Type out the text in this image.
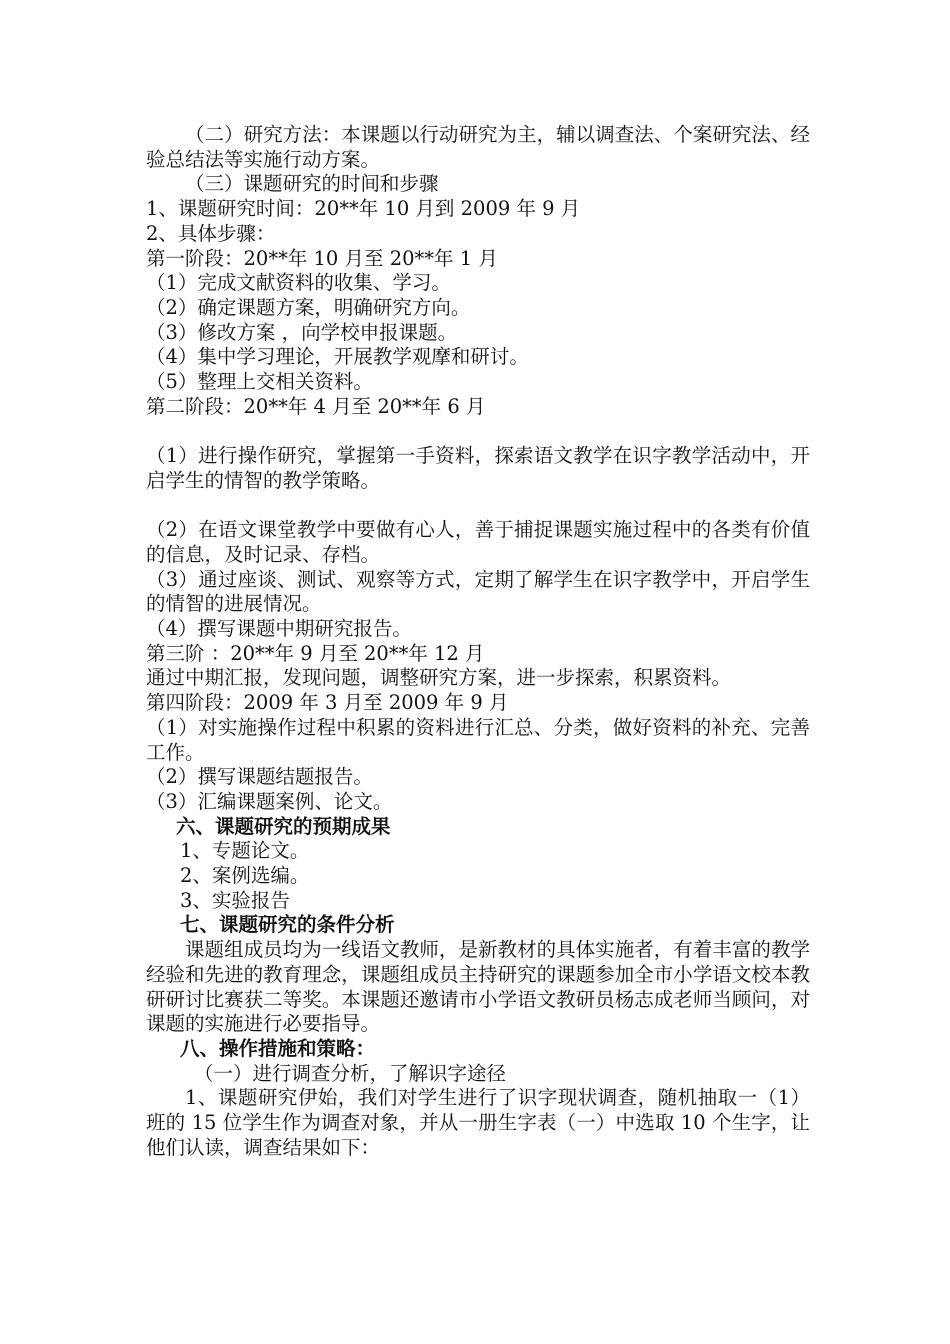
（二）研究方法：本课题以行动研究为主，辅以调查法、个案研究法、经验总结法等实施行动方案。

（三）课题研究的时间和步骤

1、课题研究时间：20**年 10 月到 2009 年 9 月

2、具体步骤：

第一阶段：20**年 10 月至 20**年 1 月

（1）完成文献资料的收集、学习。

（2）确定课题方案，明确研究方向。

（3）修改方案 ，向学校申报课题。

（4）集中学习理论，开展教学观摩和研讨。

（5）整理上交相关资料。

第二阶段：20**年 4 月至 20**年 6 月

（1）进行操作研究，掌握第一手资料，探索语文教学在识字教学活动中，开启学生的情智的教学策略。

（2）在语文课堂教学中要做有心人，善于捕捉课题实施过程中的各类有价值的信息，及时记录、存档。

（3）通过座谈、测试、观察等方式，定期了解学生在识字教学中，开启学生的情智的进展情况。

（4）撰写课题中期研究报告。

第三阶 ：20**年 9 月至 20**年 12 月

通过中期汇报，发现问题，调整研究方案，进一步探索，积累资料。

第四阶段：2009 年 3 月至 2009 年 9 月

（1）对实施操作过程中积累的资料进行汇总、分类，做好资料的补充、完善工作。

（2）撰写课题结题报告。

（3）汇编课题案例、论文。

六、课题研究的预期成果

1、专题论文。

2、案例选编。

3、实验报告

七、课题研究的条件分析

课题组成员均为一线语文教师，是新教材的具体实施者，有着丰富的教学经验和先进的教育理念，课题组成员主持研究的课题参加全市小学语文校本教研研讨比赛获二等奖。本课题还邀请市小学语文教研员杨志成老师当顾问，对课题的实施进行必要指导。

八、操作措施和策略：

（一）进行调查分析，了解识字途径

1、课题研究伊始，我们对学生进行了识字现状调查，随机抽取一（1）班的 15 位学生作为调查对象，并从一册生字表（一）中选取 10 个生字，让他们认读，调查结果如下：
